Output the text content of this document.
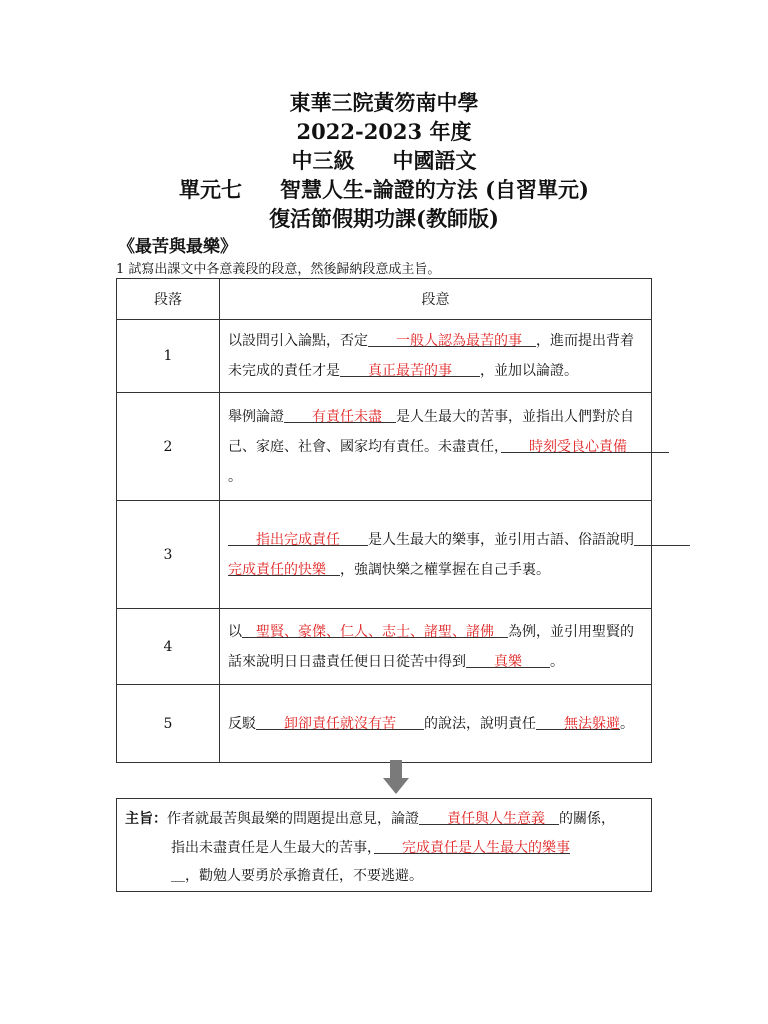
東華三院黃笏南中學
2022-2023 年度
中三級 中國語文
單元七 智慧人生-論證的方法 (自習單元)
復活節假期功課(教師版)
《最苦與最樂》
1 試寫出課文中各意義段的段意，然後歸納段意成主旨。
段落	段意
1	以設問引入論點，否定　　一般人認為最苦的事　，進而提出背着未完成的責任才是　　真正最苦的事　　，並加以論證。
2	舉例論證　　有責任未盡　是人生最大的苦事，並指出人們對於自己、家庭、社會、國家均有責任。未盡責任，　　時刻受良心責備　　　。
3	　　指出完成責任　　是人生最大的樂事，並引用古語、俗語說明　　　　完成責任的快樂　，強調快樂之權掌握在自己手裏。
4	以　聖賢、豪傑、仁人、志士、諸聖、諸佛　為例，並引用聖賢的話來說明日日盡責任便日日從苦中得到　　真樂　　。
5	反駁　　卸卻責任就沒有苦　　的說法，說明責任　　無法躲避。
主旨：作者就最苦與最樂的問題提出意見，論證　　責任與人生意義　的關係，
指出未盡責任是人生最大的苦事，　　完成責任是人生最大的樂事
＿，勸勉人要勇於承擔責任，不要逃避。
